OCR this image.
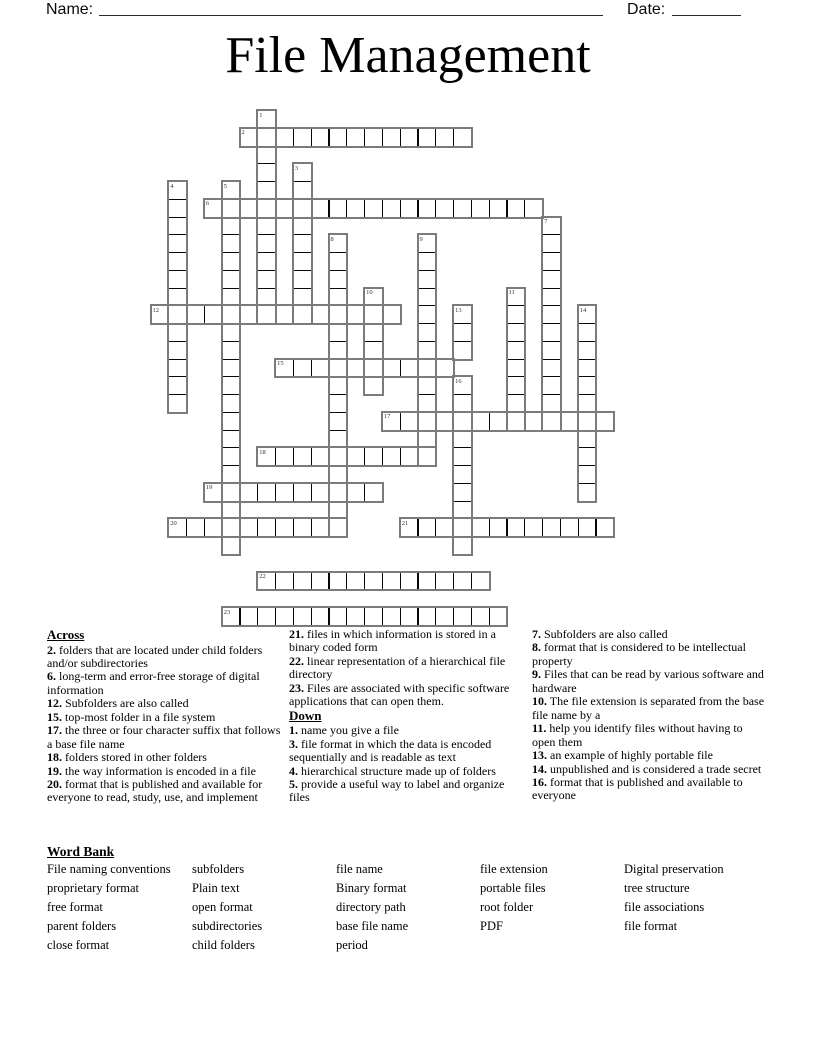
Name:	Date:
File Management
1
2
3
4	5
6
7
8	9
10	11
12	13	14
15
16
17
18
19
20	21
22
23
Across
2. folders that are located under child folders and/or subdirectories
6. long-term and error-free storage of digital information
12. Subfolders are also called
15. top-most folder in a file system
17. the three or four character suffix that follows a base file name
18. folders stored in other folders
19. the way information is encoded in a file
20. format that is published and available for everyone to read, study, use, and implement
21. files in which information is stored in a binary coded form
22. linear representation of a hierarchical file directory
23. Files are associated with specific software applications that can open them.
Down
1. name you give a file
3. file format in which the data is encoded sequentially and is readable as text
4. hierarchical structure made up of folders
5. provide a useful way to label and organize files
7. Subfolders are also called
8. format that is considered to be intellectual property
9. Files that can be read by various software and hardware
10. The file extension is separated from the base file name by a
11. help you identify files without having to open them
13. an example of highly portable file
14. unpublished and is considered a trade secret
16. format that is published and available to everyone
Word Bank
File naming conventions
proprietary format
free format
parent folders
close format
subfolders
Plain text
open format
subdirectories
child folders
file name
Binary format
directory path
base file name
period
file extension
portable files
root folder
PDF
Digital preservation
tree structure
file associations
file format
